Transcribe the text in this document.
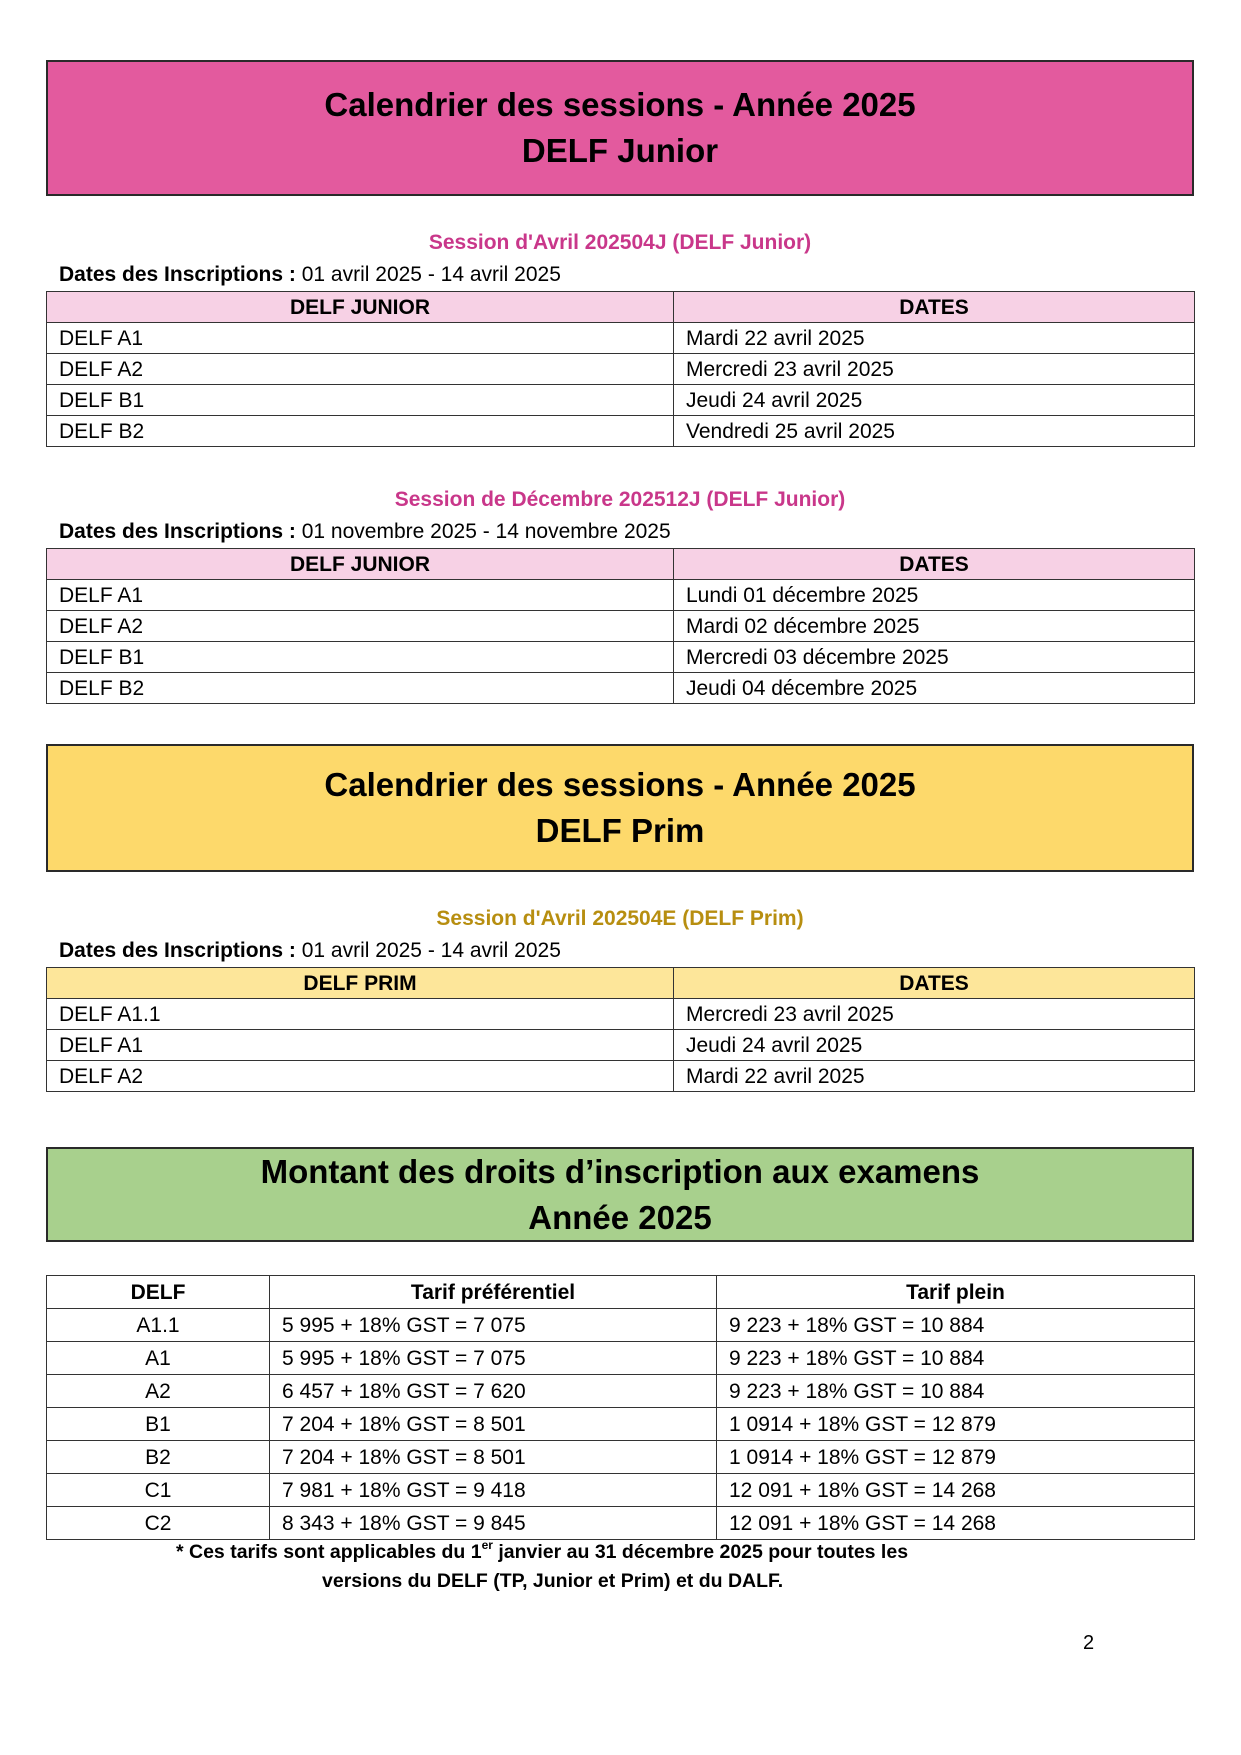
Calendrier des sessions - Année 2025
DELF Junior
Session d'Avril 202504J (DELF Junior)
Dates des Inscriptions : 01 avril 2025 - 14 avril 2025
DELF JUNIOR	DATES
DELF A1	Mardi 22 avril 2025
DELF A2	Mercredi 23 avril 2025
DELF B1	Jeudi 24 avril 2025
DELF B2	Vendredi 25 avril 2025
Session de Décembre 202512J (DELF Junior)
Dates des Inscriptions : 01 novembre 2025 - 14 novembre 2025
DELF JUNIOR	DATES
DELF A1	Lundi 01 décembre 2025
DELF A2	Mardi 02 décembre 2025
DELF B1	Mercredi 03 décembre 2025
DELF B2	Jeudi 04 décembre 2025
Calendrier des sessions - Année 2025
DELF Prim
Session d'Avril 202504E (DELF Prim)
Dates des Inscriptions : 01 avril 2025 - 14 avril 2025
DELF PRIM	DATES
DELF A1.1	Mercredi 23 avril 2025
DELF A1	Jeudi 24 avril 2025
DELF A2	Mardi 22 avril 2025
Montant des droits d’inscription aux examens
Année 2025
DELF	Tarif préférentiel	Tarif plein
A1.1	5 995 + 18% GST = 7 075	9 223 + 18% GST = 10 884
A1	5 995 + 18% GST = 7 075	9 223 + 18% GST = 10 884
A2	6 457 + 18% GST = 7 620	9 223 + 18% GST = 10 884
B1	7 204 + 18% GST = 8 501	1 0914 + 18% GST = 12 879
B2	7 204 + 18% GST = 8 501	1 0914 + 18% GST = 12 879
C1	7 981 + 18% GST = 9 418	12 091 + 18% GST = 14 268
C2	8 343 + 18% GST = 9 845	12 091 + 18% GST = 14 268
* Ces tarifs sont applicables du 1er janvier au 31 décembre 2025 pour toutes les
versions du DELF (TP, Junior et Prim) et du DALF.
2
